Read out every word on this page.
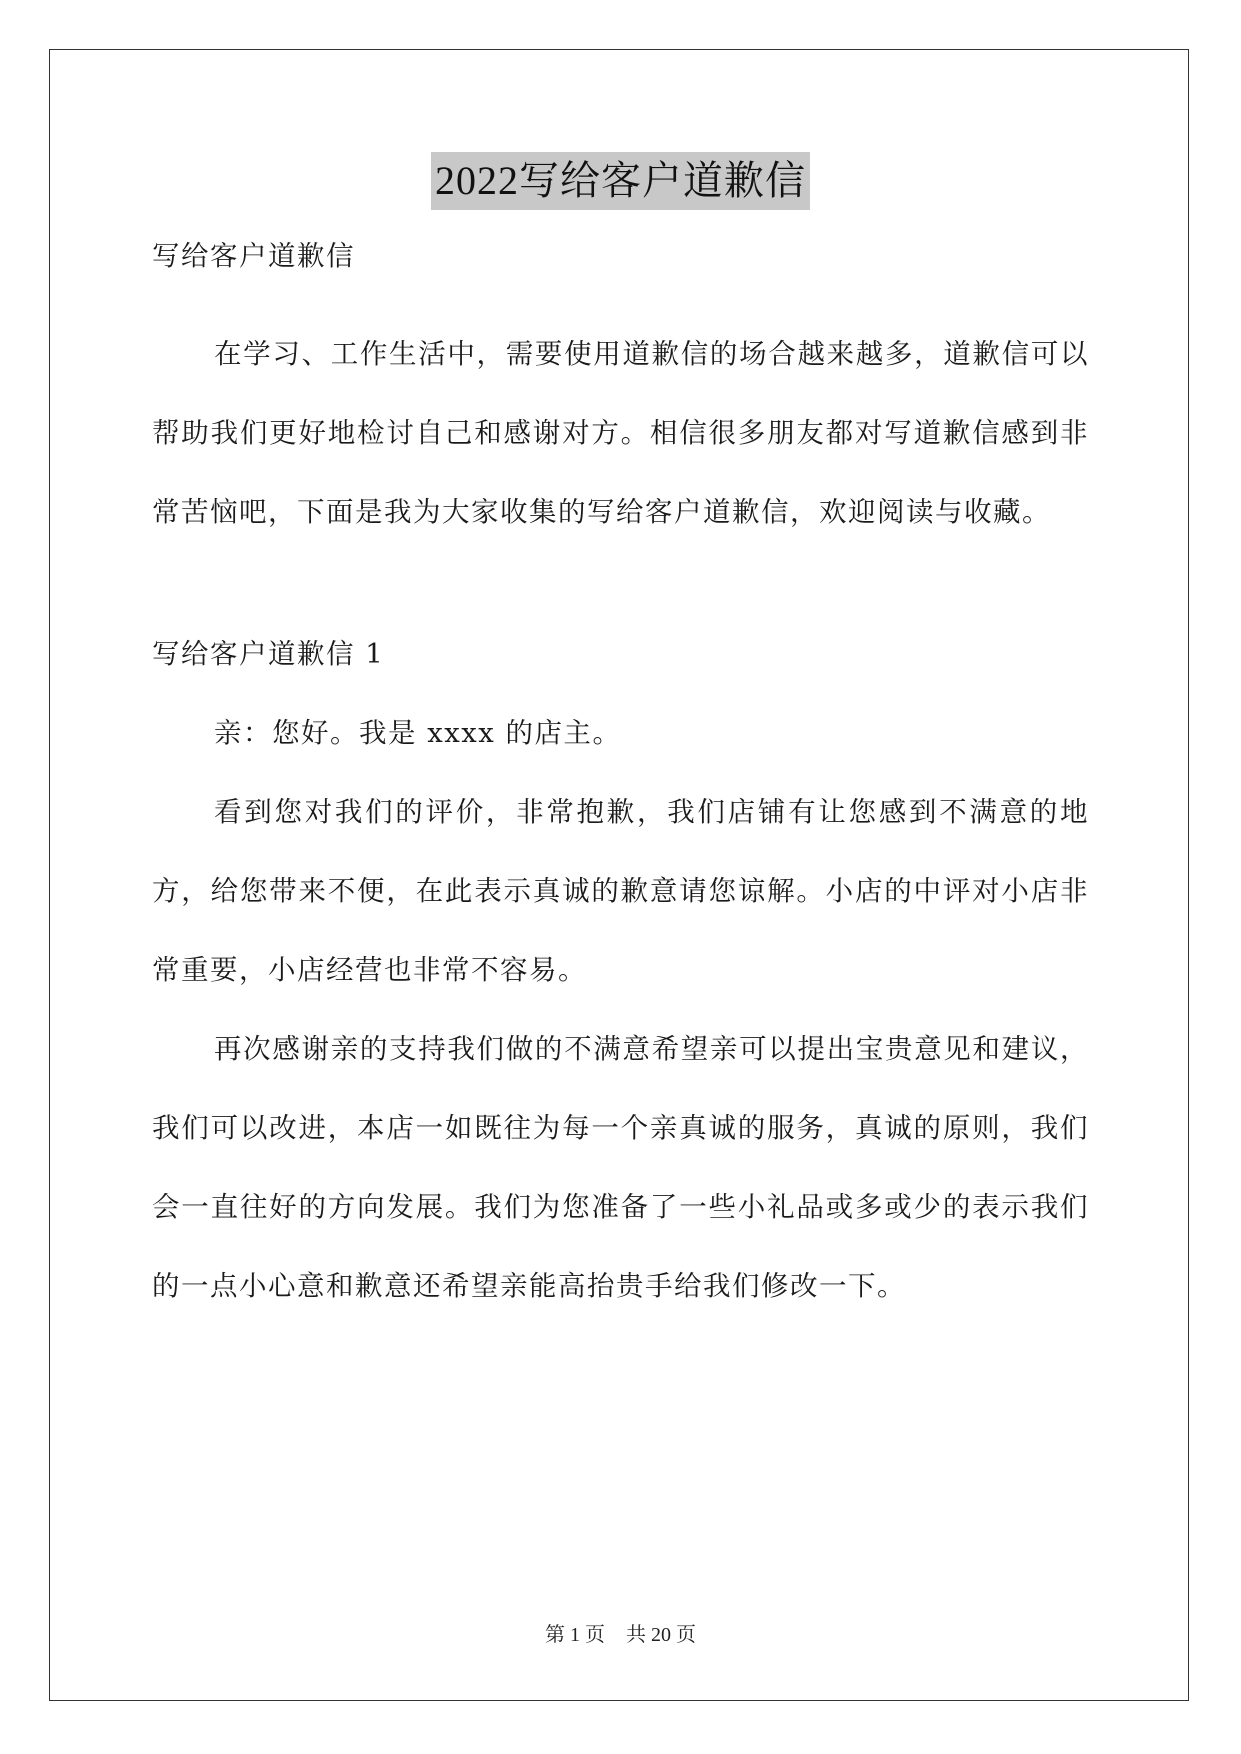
2022写给客户道歉信

写给客户道歉信

在学习、工作生活中，需要使用道歉信的场合越来越多，道歉信可以帮助我们更好地检讨自己和感谢对方。相信很多朋友都对写道歉信感到非常苦恼吧，下面是我为大家收集的写给客户道歉信，欢迎阅读与收藏。

写给客户道歉信 1

亲：您好。我是 xxxx 的店主。

看到您对我们的评价，非常抱歉，我们店铺有让您感到不满意的地方，给您带来不便，在此表示真诚的歉意请您谅解。小店的中评对小店非常重要，小店经营也非常不容易。

再次感谢亲的支持我们做的不满意希望亲可以提出宝贵意见和建议，我们可以改进，本店一如既往为每一个亲真诚的服务，真诚的原则，我们会一直往好的方向发展。我们为您准备了一些小礼品或多或少的表示我们的一点小心意和歉意还希望亲能高抬贵手给我们修改一下。

第 1 页 共 20 页
